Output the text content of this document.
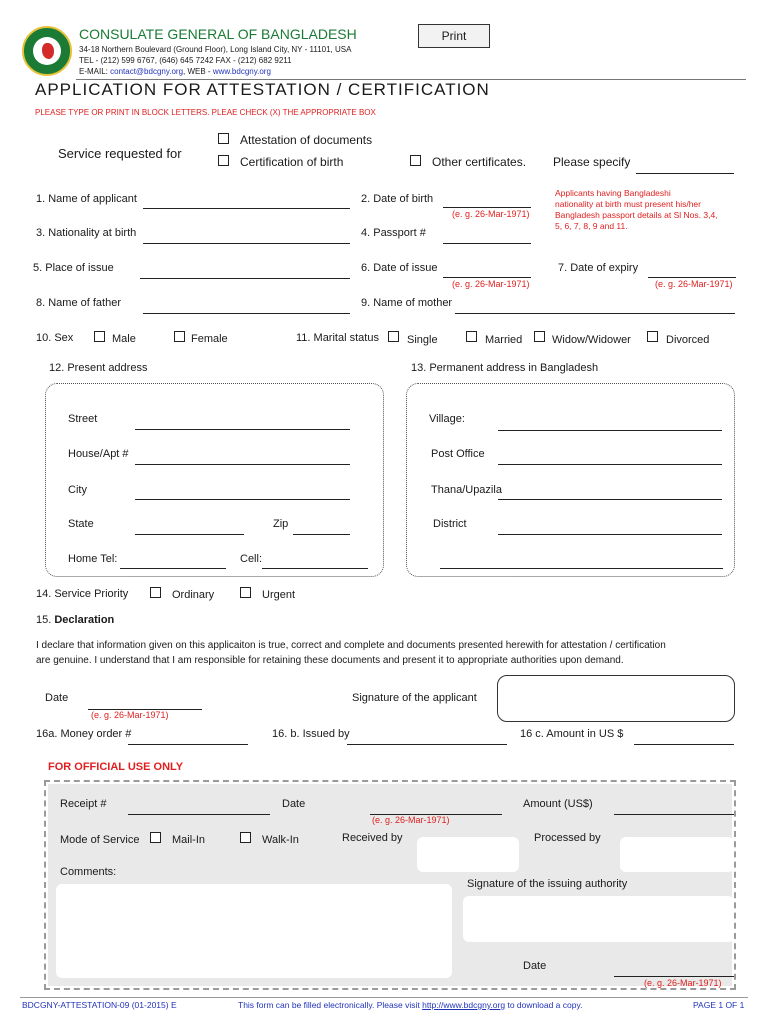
CONSULATE GENERAL OF BANGLADESH
34-18 Northern Boulevard (Ground Floor), Long Island City, NY - 11101, USA
TEL - (212) 599 6767, (646) 645 7242 FAX - (212) 682 9211
E-MAIL: contact@bdcgny.org, WEB - www.bdcgny.org
Print
APPLICATION FOR ATTESTATION / CERTIFICATION
PLEASE TYPE OR PRINT IN BLOCK LETTERS. PLEAE CHECK (X) THE APPROPRIATE BOX
Service requested for
Attestation of documents
Certification of birth	Other certificates. Please specify
1. Name of applicant	2. Date of birth
(e. g. 26-Mar-1971)
Applicants having Bangladeshi
nationality at birth must present his/her
Bangladesh passport details at Sl Nos. 3,4,
5, 6, 7, 8, 9 and 11.
3. Nationality at birth	4. Passport #
5. Place of issue	6. Date of issue
(e. g. 26-Mar-1971)
7. Date of expiry
(e. g. 26-Mar-1971)
8. Name of father	9. Name of mother
10. Sex	Male	Female	11. Marital status	Single	Married	Widow/Widower	Divorced
12. Present address	13. Permanent address in Bangladesh
Street
House/Apt #
City
State	Zip
Home Tel:	Cell:
Village:
Post Office
Thana/Upazila
District
14. Service Priority	Ordinary	Urgent
15. Declaration
I declare that information given on this applicaiton is true, correct and complete and documents presented herewith for attestation / certification
are genuine. I understand that I am responsible for retaining these documents and present it to appropriate authorities upon demand.
Date
(e. g. 26-Mar-1971)
Signature of the applicant
16a. Money order #	16. b. Issued by	16 c. Amount in US $
FOR OFFICIAL USE ONLY
Receipt #	Date
(e. g. 26-Mar-1971)
Amount (US$)
Mode of Service	Mail-In	Walk-In	Received by	Processed by
Comments:
Signature of the issuing authority
Date
(e. g. 26-Mar-1971)
BDCGNY-ATTESTATION-09 (01-2015) E	This form can be filled electronically. Please visit http://www.bdcgny.org to download a copy.	PAGE 1 OF 1
